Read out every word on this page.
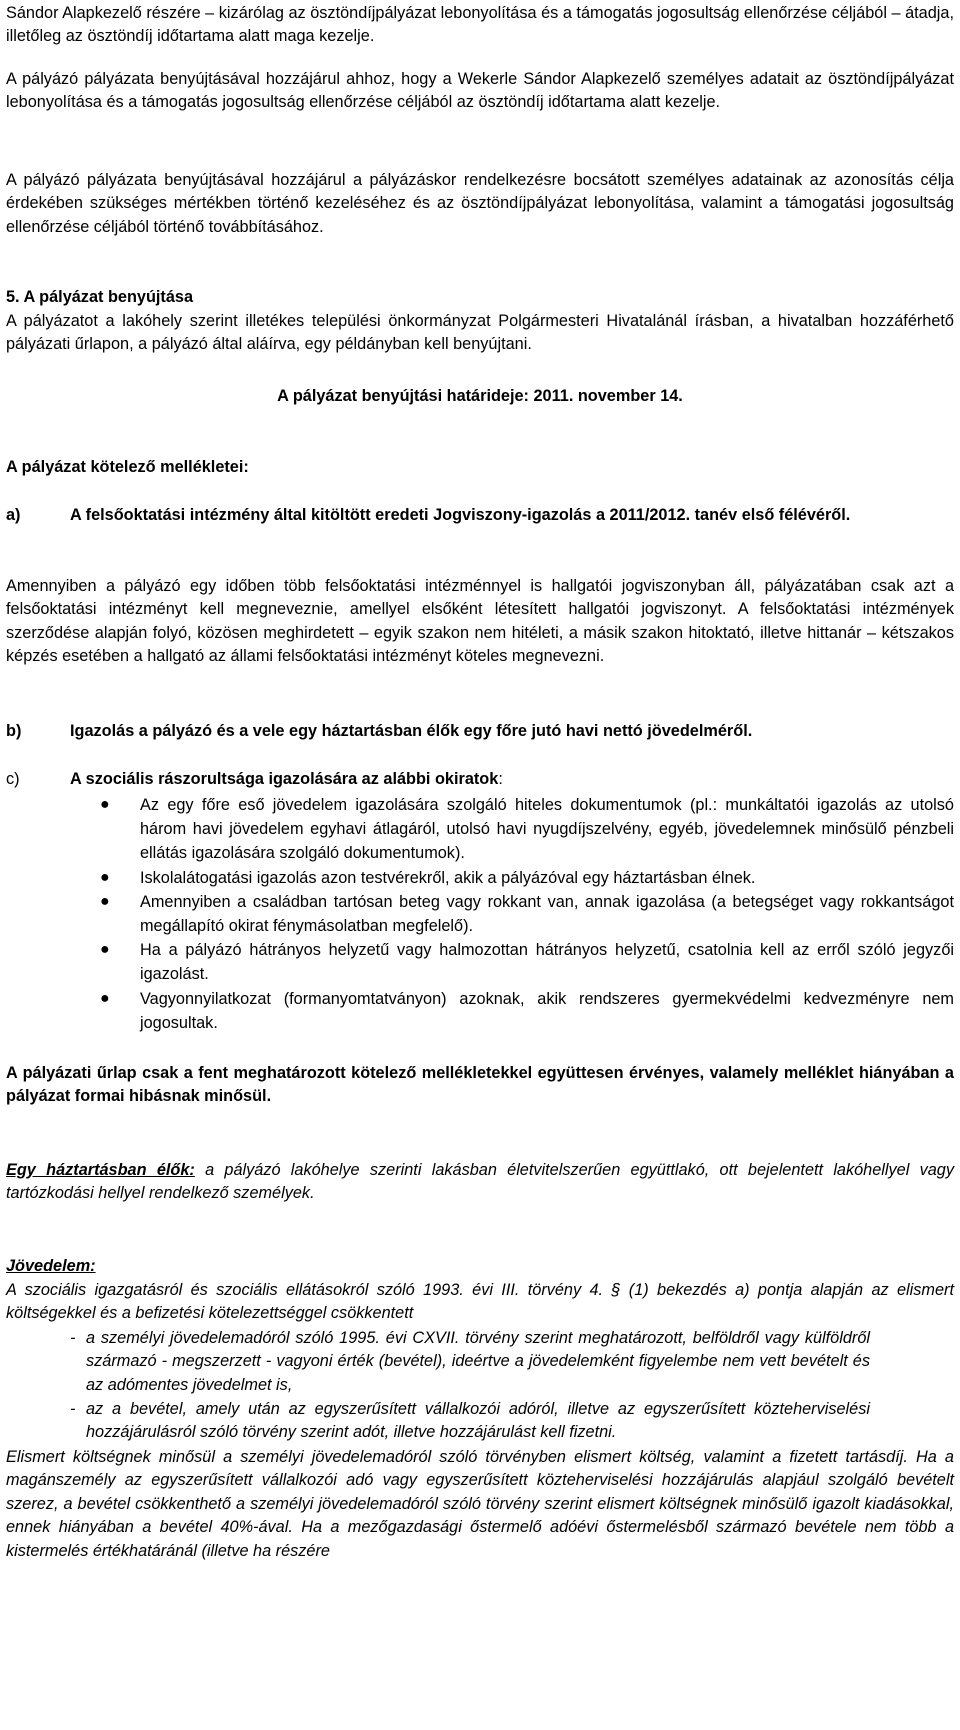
Sándor Alapkezelő részére – kizárólag az ösztöndíjpályázat lebonyolítása és a támogatás jogosultság ellenőrzése céljából – átadja, illetőleg az ösztöndíj időtartama alatt maga kezelje.

A pályázó pályázata benyújtásával hozzájárul ahhoz, hogy a Wekerle Sándor Alapkezelő személyes adatait az ösztöndíjpályázat lebonyolítása és a támogatás jogosultság ellenőrzése céljából az ösztöndíj időtartama alatt kezelje.

A pályázó pályázata benyújtásával hozzájárul a pályázáskor rendelkezésre bocsátott személyes adatainak az azonosítás célja érdekében szükséges mértékben történő kezeléséhez és az ösztöndíjpályázat lebonyolítása, valamint a támogatási jogosultság ellenőrzése céljából történő továbbításához.

5. A pályázat benyújtása

A pályázatot a lakóhely szerint illetékes települési önkormányzat Polgármesteri Hivatalánál írásban, a hivatalban hozzáférhető pályázati űrlapon, a pályázó által aláírva, egy példányban kell benyújtani.

A pályázat benyújtási határideje: 2011. november 14.

A pályázat kötelező mellékletei:

a)	A felsőoktatási intézmény által kitöltött eredeti Jogviszony-igazolás a 2011/2012. tanév első félévéről.

Amennyiben a pályázó egy időben több felsőoktatási intézménnyel is hallgatói jogviszonyban áll, pályázatában csak azt a felsőoktatási intézményt kell megneveznie, amellyel elsőként létesített hallgatói jogviszonyt. A felsőoktatási intézmények szerződése alapján folyó, közösen meghirdetett – egyik szakon nem hitéleti, a másik szakon hitoktató, illetve hittanár – kétszakos képzés esetében a hallgató az állami felsőoktatási intézményt köteles megnevezni.

b)	Igazolás a pályázó és a vele egy háztartásban élők egy főre jutó havi nettó jövedelméről.

c)	A szociális rászorultsága igazolására az alábbi okiratok:

● Az egy főre eső jövedelem igazolására szolgáló hiteles dokumentumok (pl.: munkáltatói igazolás az utolsó három havi jövedelem egyhavi átlagáról, utolsó havi nyugdíjszelvény, egyéb, jövedelemnek minősülő pénzbeli ellátás igazolására szolgáló dokumentumok).
● Iskolalátogatási igazolás azon testvérekről, akik a pályázóval egy háztartásban élnek.
● Amennyiben a családban tartósan beteg vagy rokkant van, annak igazolása (a betegséget vagy rokkantságot megállapító okirat fénymásolatban megfelelő).
● Ha a pályázó hátrányos helyzetű vagy halmozottan hátrányos helyzetű, csatolnia kell az erről szóló jegyzői igazolást.
● Vagyonnyilatkozat (formanyomtatványon) azoknak, akik rendszeres gyermekvédelmi kedvezményre nem jogosultak.

A pályázati űrlap csak a fent meghatározott kötelező mellékletekkel együttesen érvényes, valamely melléklet hiányában a pályázat formai hibásnak minősül.

Egy háztartásban élők: a pályázó lakóhelye szerinti lakásban életvitelszerűen együttlakó, ott bejelentett lakóhellyel vagy tartózkodási hellyel rendelkező személyek.

Jövedelem:

A szociális igazgatásról és szociális ellátásokról szóló 1993. évi III. törvény 4. § (1) bekezdés a) pontja alapján az elismert költségekkel és a befizetési kötelezettséggel csökkentett

- a személyi jövedelemadóról szóló 1995. évi CXVII. törvény szerint meghatározott, belföldről vagy külföldről származó - megszerzett - vagyoni érték (bevétel), ideértve a jövedelemként figyelembe nem vett bevételt és az adómentes jövedelmet is,
- az a bevétel, amely után az egyszerűsített vállalkozói adóról, illetve az egyszerűsített közteherviselési hozzájárulásról szóló törvény szerint adót, illetve hozzájárulást kell fizetni.

Elismert költségnek minősül a személyi jövedelemadóról szóló törvényben elismert költség, valamint a fizetett tartásdíj. Ha a magánszemély az egyszerűsített vállalkozói adó vagy egyszerűsített közteherviselési hozzájárulás alapjául szolgáló bevételt szerez, a bevétel csökkenthető a személyi jövedelemadóról szóló törvény szerint elismert költségnek minősülő igazolt kiadásokkal, ennek hiányában a bevétel 40%-ával. Ha a mezőgazdasági őstermelő adóévi őstermelésből származó bevétele nem több a kistermelés értékhatáránál (illetve ha részére
